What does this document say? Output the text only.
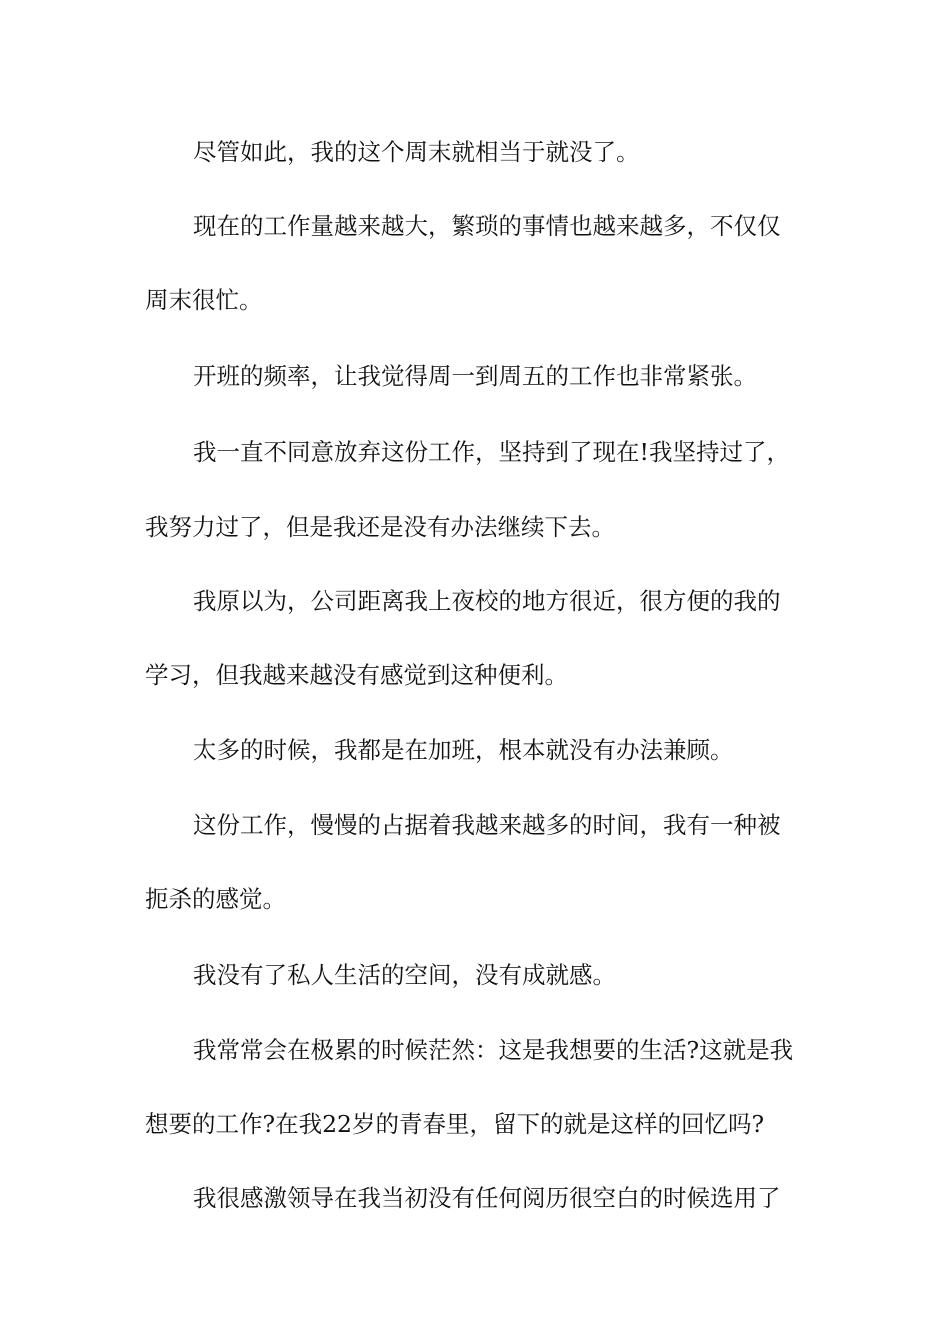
尽管如此，我的这个周末就相当于就没了。

现在的工作量越来越大，繁琐的事情也越来越多，不仅仅

周末很忙。

开班的频率，让我觉得周一到周五的工作也非常紧张。

我一直不同意放弃这份工作，坚持到了现在!我坚持过了，

我努力过了，但是我还是没有办法继续下去。

我原以为，公司距离我上夜校的地方很近，很方便的我的

学习，但我越来越没有感觉到这种便利。

太多的时候，我都是在加班，根本就没有办法兼顾。

这份工作，慢慢的占据着我越来越多的时间，我有一种被

扼杀的感觉。

我没有了私人生活的空间，没有成就感。

我常常会在极累的时候茫然：这是我想要的生活?这就是我

想要的工作?在我22岁的青春里，留下的就是这样的回忆吗?

我很感激领导在我当初没有任何阅历很空白的时候选用了
